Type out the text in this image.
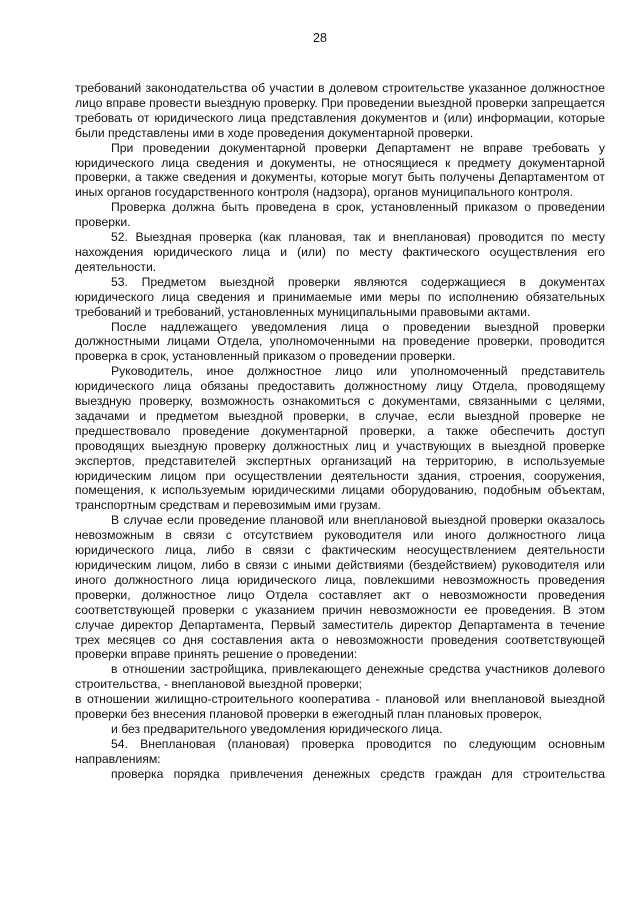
28

требований законодательства об участии в долевом строительстве указанное должностное лицо вправе провести выездную проверку. При проведении выездной проверки запрещается требовать от юридического лица представления документов и (или) информации, которые были представлены ими в ходе проведения документарной проверки.

При проведении документарной проверки Департамент не вправе требовать у юридического лица сведения и документы, не относящиеся к предмету документарной проверки, а также сведения и документы, которые могут быть получены Департаментом от иных органов государственного контроля (надзора), органов муниципального контроля.

Проверка должна быть проведена в срок, установленный приказом о проведении проверки.

52. Выездная проверка (как плановая, так и внеплановая) проводится по месту нахождения юридического лица и (или) по месту фактического осуществления его деятельности.

53. Предметом выездной проверки являются содержащиеся в документах юридического лица сведения и принимаемые ими меры по исполнению обязательных требований и требований, установленных муниципальными правовыми актами.

После надлежащего уведомления лица о проведении выездной проверки должностными лицами Отдела, уполномоченными на проведение проверки, проводится проверка в срок, установленный приказом о проведении проверки.

Руководитель, иное должностное лицо или уполномоченный представитель юридического лица обязаны предоставить должностному лицу Отдела, проводящему выездную проверку, возможность ознакомиться с документами, связанными с целями, задачами и предметом выездной проверки, в случае, если выездной проверке не предшествовало проведение документарной проверки, а также обеспечить доступ проводящих выездную проверку должностных лиц и участвующих в выездной проверке экспертов, представителей экспертных организаций на территорию, в используемые юридическим лицом при осуществлении деятельности здания, строения, сооружения, помещения, к используемым юридическими лицами оборудованию, подобным объектам, транспортным средствам и перевозимым ими грузам.

В случае если проведение плановой или внеплановой выездной проверки оказалось невозможным в связи с отсутствием руководителя или иного должностного лица юридического лица, либо в связи с фактическим неосуществлением деятельности юридическим лицом, либо в связи с иными действиями (бездействием) руководителя или иного должностного лица юридического лица, повлекшими невозможность проведения проверки, должностное лицо Отдела составляет акт о невозможности проведения соответствующей проверки с указанием причин невозможности ее проведения. В этом случае директор Департамента, Первый заместитель директор Департамента в течение трех месяцев со дня составления акта о невозможности проведения соответствующей проверки вправе принять решение о проведении:

в отношении застройщика, привлекающего денежные средства участников долевого строительства, - внеплановой выездной проверки;

в отношении жилищно-строительного кооператива - плановой или внеплановой выездной проверки без внесения плановой проверки в ежегодный план плановых проверок,

и без предварительного уведомления юридического лица.

54. Внеплановая (плановая) проверка проводится по следующим основным направлениям:

проверка порядка привлечения денежных средств граждан для строительства
